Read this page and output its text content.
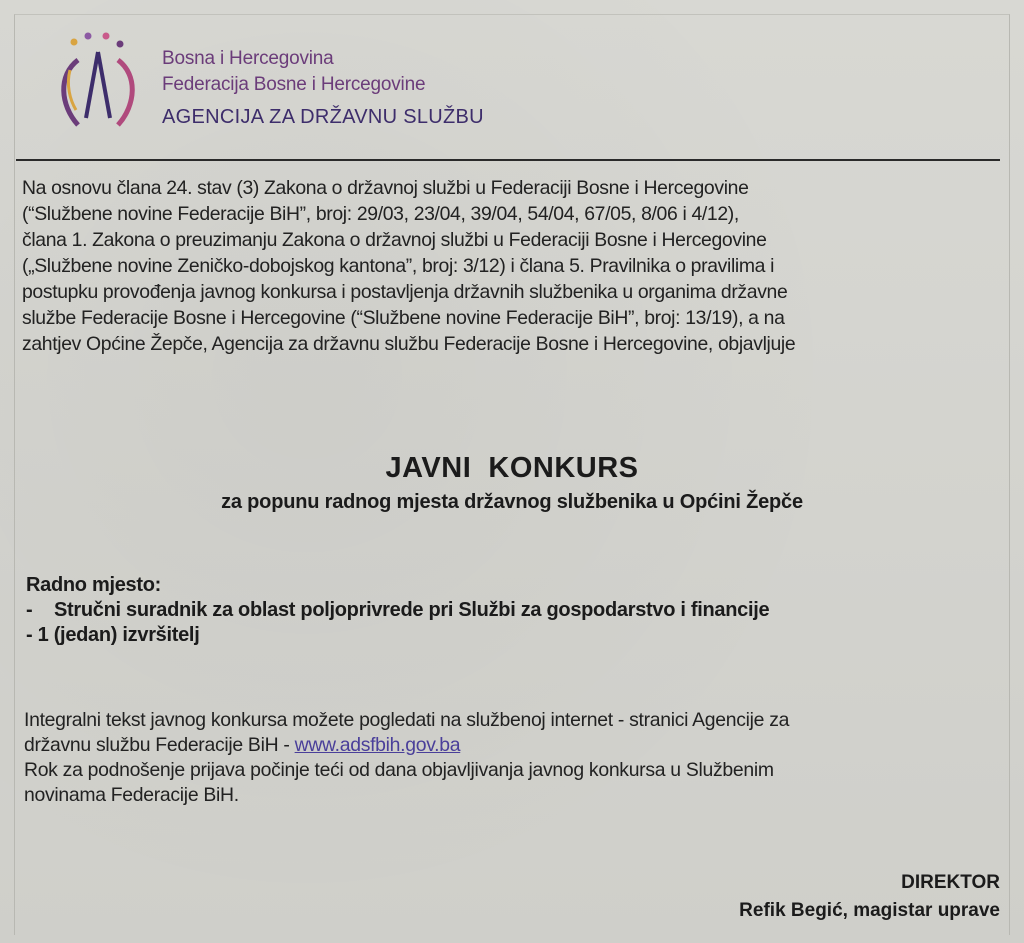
Bosna i Hercegovina
Federacija Bosne i Hercegovine
AGENCIJA ZA DRŽAVNU SLUŽBU
Na osnovu člana 24. stav (3) Zakona o državnoj službi u Federaciji Bosne i Hercegovine
(“Službene novine Federacije BiH”, broj: 29/03, 23/04, 39/04, 54/04, 67/05, 8/06 i 4/12),
člana 1. Zakona o preuzimanju Zakona o državnoj službi u Federaciji Bosne i Hercegovine
(„Službene novine Zeničko-dobojskog kantona”, broj: 3/12) i člana 5. Pravilnika o pravilima i
postupku provođenja javnog konkursa i postavljenja državnih službenika u organima državne
službe Federacije Bosne i Hercegovine (“Službene novine Federacije BiH”, broj: 13/19), a na
zahtjev Općine Žepče, Agencija za državnu službu Federacije Bosne i Hercegovine, objavljuje
JAVNI  KONKURS
za popunu radnog mjesta državnog službenika u Općini Žepče
Radno mjesto:
-	Stručni suradnik za oblast poljoprivrede pri Službi za gospodarstvo i financije
- 1 (jedan) izvršitelj
Integralni tekst javnog konkursa možete pogledati na službenoj internet - stranici Agencije za
državnu službu Federacije BiH - www.adsfbih.gov.ba
Rok za podnošenje prijava počinje teći od dana objavljivanja javnog konkursa u Službenim
novinama Federacije BiH.
DIREKTOR
Refik Begić, magistar uprave
